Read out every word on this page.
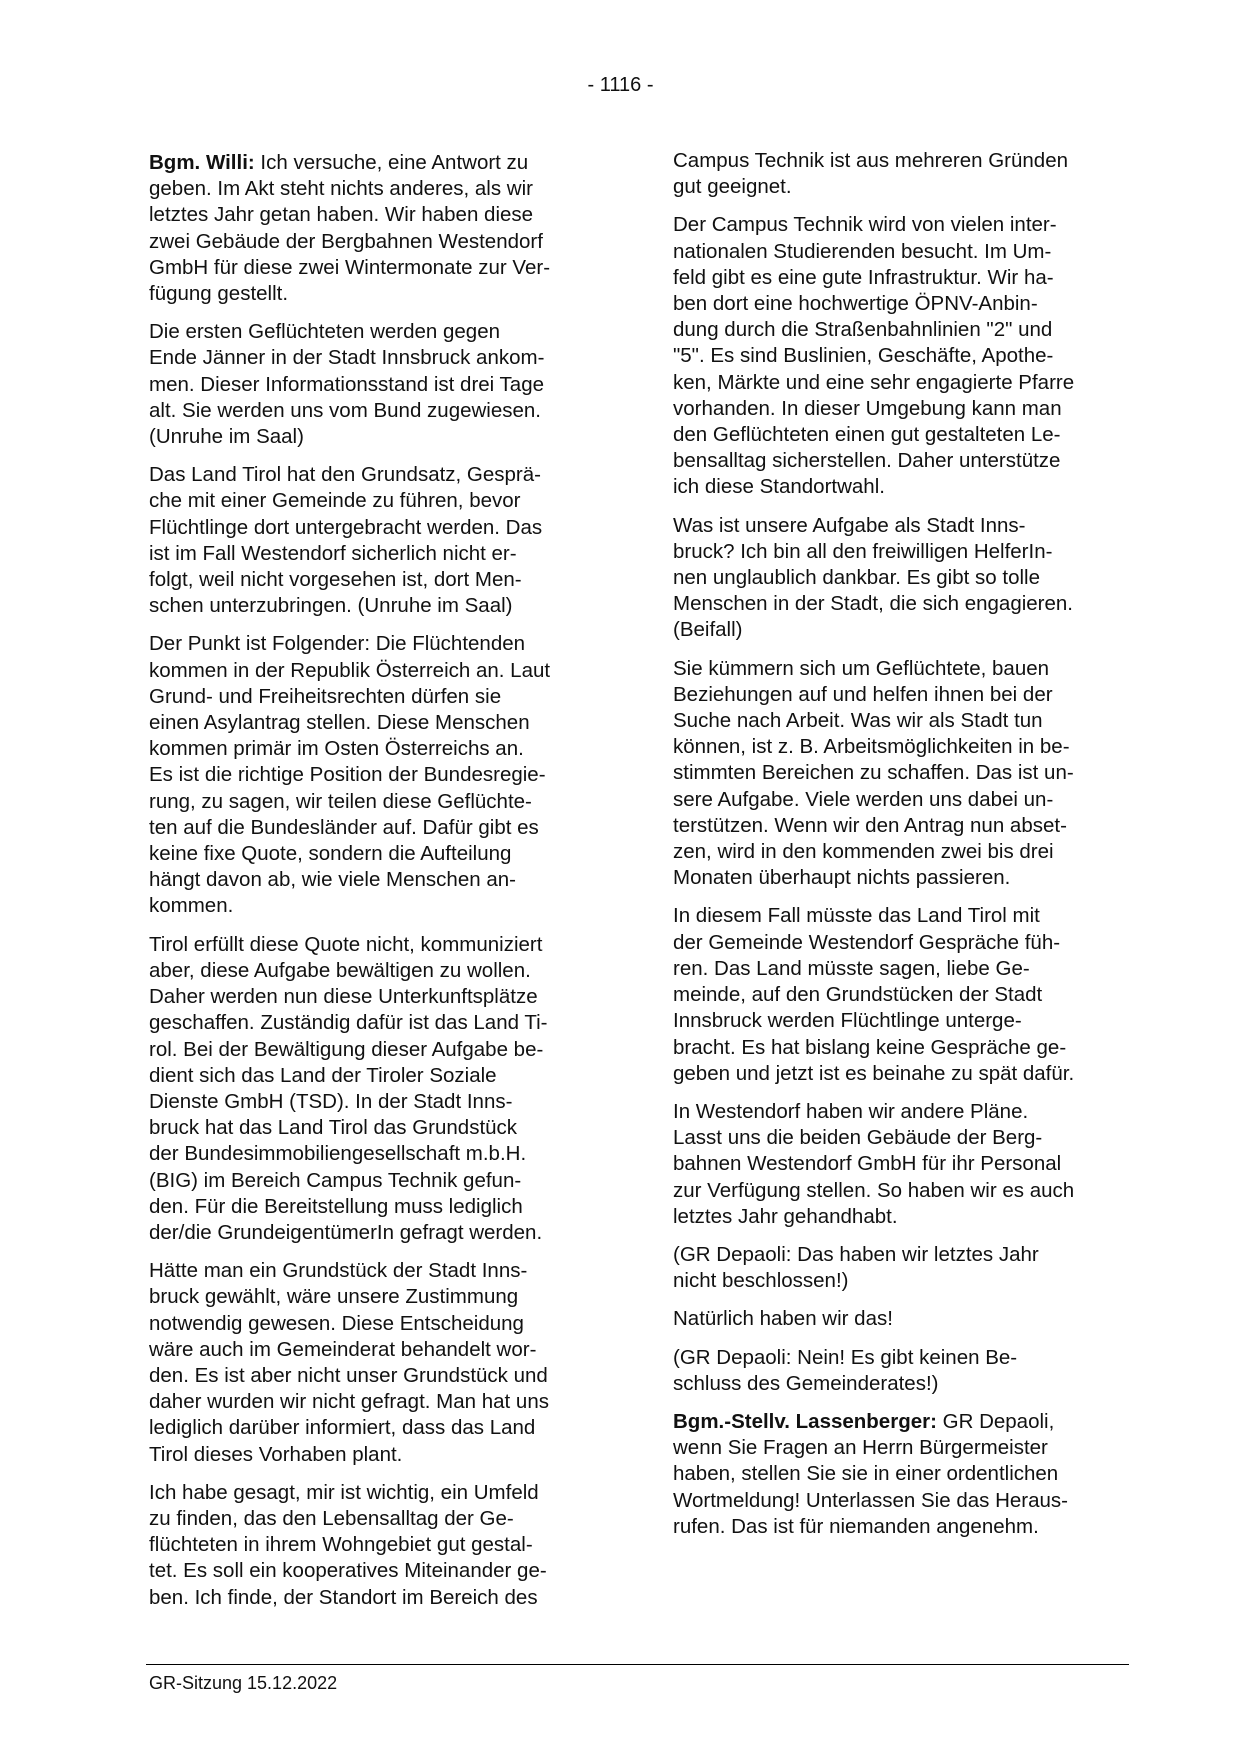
- 1116 -

Bgm. Willi: Ich versuche, eine Antwort zu
geben. Im Akt steht nichts anderes, als wir
letztes Jahr getan haben. Wir haben diese
zwei Gebäude der Bergbahnen Westendorf
GmbH für diese zwei Wintermonate zur Ver-
fügung gestellt.

Die ersten Geflüchteten werden gegen
Ende Jänner in der Stadt Innsbruck ankom-
men. Dieser Informationsstand ist drei Tage
alt. Sie werden uns vom Bund zugewiesen.
(Unruhe im Saal)

Das Land Tirol hat den Grundsatz, Gesprä-
che mit einer Gemeinde zu führen, bevor
Flüchtlinge dort untergebracht werden. Das
ist im Fall Westendorf sicherlich nicht er-
folgt, weil nicht vorgesehen ist, dort Men-
schen unterzubringen. (Unruhe im Saal)

Der Punkt ist Folgender: Die Flüchtenden
kommen in der Republik Österreich an. Laut
Grund- und Freiheitsrechten dürfen sie
einen Asylantrag stellen. Diese Menschen
kommen primär im Osten Österreichs an.
Es ist die richtige Position der Bundesregie-
rung, zu sagen, wir teilen diese Geflüchte-
ten auf die Bundesländer auf. Dafür gibt es
keine fixe Quote, sondern die Aufteilung
hängt davon ab, wie viele Menschen an-
kommen.

Tirol erfüllt diese Quote nicht, kommuniziert
aber, diese Aufgabe bewältigen zu wollen.
Daher werden nun diese Unterkunftsplätze
geschaffen. Zuständig dafür ist das Land Ti-
rol. Bei der Bewältigung dieser Aufgabe be-
dient sich das Land der Tiroler Soziale
Dienste GmbH (TSD). In der Stadt Inns-
bruck hat das Land Tirol das Grundstück
der Bundesimmobiliengesellschaft m.b.H.
(BIG) im Bereich Campus Technik gefun-
den. Für die Bereitstellung muss lediglich
der/die GrundeigentümerIn gefragt werden.

Hätte man ein Grundstück der Stadt Inns-
bruck gewählt, wäre unsere Zustimmung
notwendig gewesen. Diese Entscheidung
wäre auch im Gemeinderat behandelt wor-
den. Es ist aber nicht unser Grundstück und
daher wurden wir nicht gefragt. Man hat uns
lediglich darüber informiert, dass das Land
Tirol dieses Vorhaben plant.

Ich habe gesagt, mir ist wichtig, ein Umfeld
zu finden, das den Lebensalltag der Ge-
flüchteten in ihrem Wohngebiet gut gestal-
tet. Es soll ein kooperatives Miteinander ge-
ben. Ich finde, der Standort im Bereich des

Campus Technik ist aus mehreren Gründen
gut geeignet.

Der Campus Technik wird von vielen inter-
nationalen Studierenden besucht. Im Um-
feld gibt es eine gute Infrastruktur. Wir ha-
ben dort eine hochwertige ÖPNV-Anbin-
dung durch die Straßenbahnlinien "2" und
"5". Es sind Buslinien, Geschäfte, Apothe-
ken, Märkte und eine sehr engagierte Pfarre
vorhanden. In dieser Umgebung kann man
den Geflüchteten einen gut gestalteten Le-
bensalltag sicherstellen. Daher unterstütze
ich diese Standortwahl.

Was ist unsere Aufgabe als Stadt Inns-
bruck? Ich bin all den freiwilligen HelferIn-
nen unglaublich dankbar. Es gibt so tolle
Menschen in der Stadt, die sich engagieren.
(Beifall)

Sie kümmern sich um Geflüchtete, bauen
Beziehungen auf und helfen ihnen bei der
Suche nach Arbeit. Was wir als Stadt tun
können, ist z. B. Arbeitsmöglichkeiten in be-
stimmten Bereichen zu schaffen. Das ist un-
sere Aufgabe. Viele werden uns dabei un-
terstützen. Wenn wir den Antrag nun abset-
zen, wird in den kommenden zwei bis drei
Monaten überhaupt nichts passieren.

In diesem Fall müsste das Land Tirol mit
der Gemeinde Westendorf Gespräche füh-
ren. Das Land müsste sagen, liebe Ge-
meinde, auf den Grundstücken der Stadt
Innsbruck werden Flüchtlinge unterge-
bracht. Es hat bislang keine Gespräche ge-
geben und jetzt ist es beinahe zu spät dafür.

In Westendorf haben wir andere Pläne.
Lasst uns die beiden Gebäude der Berg-
bahnen Westendorf GmbH für ihr Personal
zur Verfügung stellen. So haben wir es auch
letztes Jahr gehandhabt.

(GR Depaoli: Das haben wir letztes Jahr
nicht beschlossen!)

Natürlich haben wir das!

(GR Depaoli: Nein! Es gibt keinen Be-
schluss des Gemeinderates!)

Bgm.-Stellv. Lassenberger: GR Depaoli,
wenn Sie Fragen an Herrn Bürgermeister
haben, stellen Sie sie in einer ordentlichen
Wortmeldung! Unterlassen Sie das Heraus-
rufen. Das ist für niemanden angenehm.

GR-Sitzung 15.12.2022
